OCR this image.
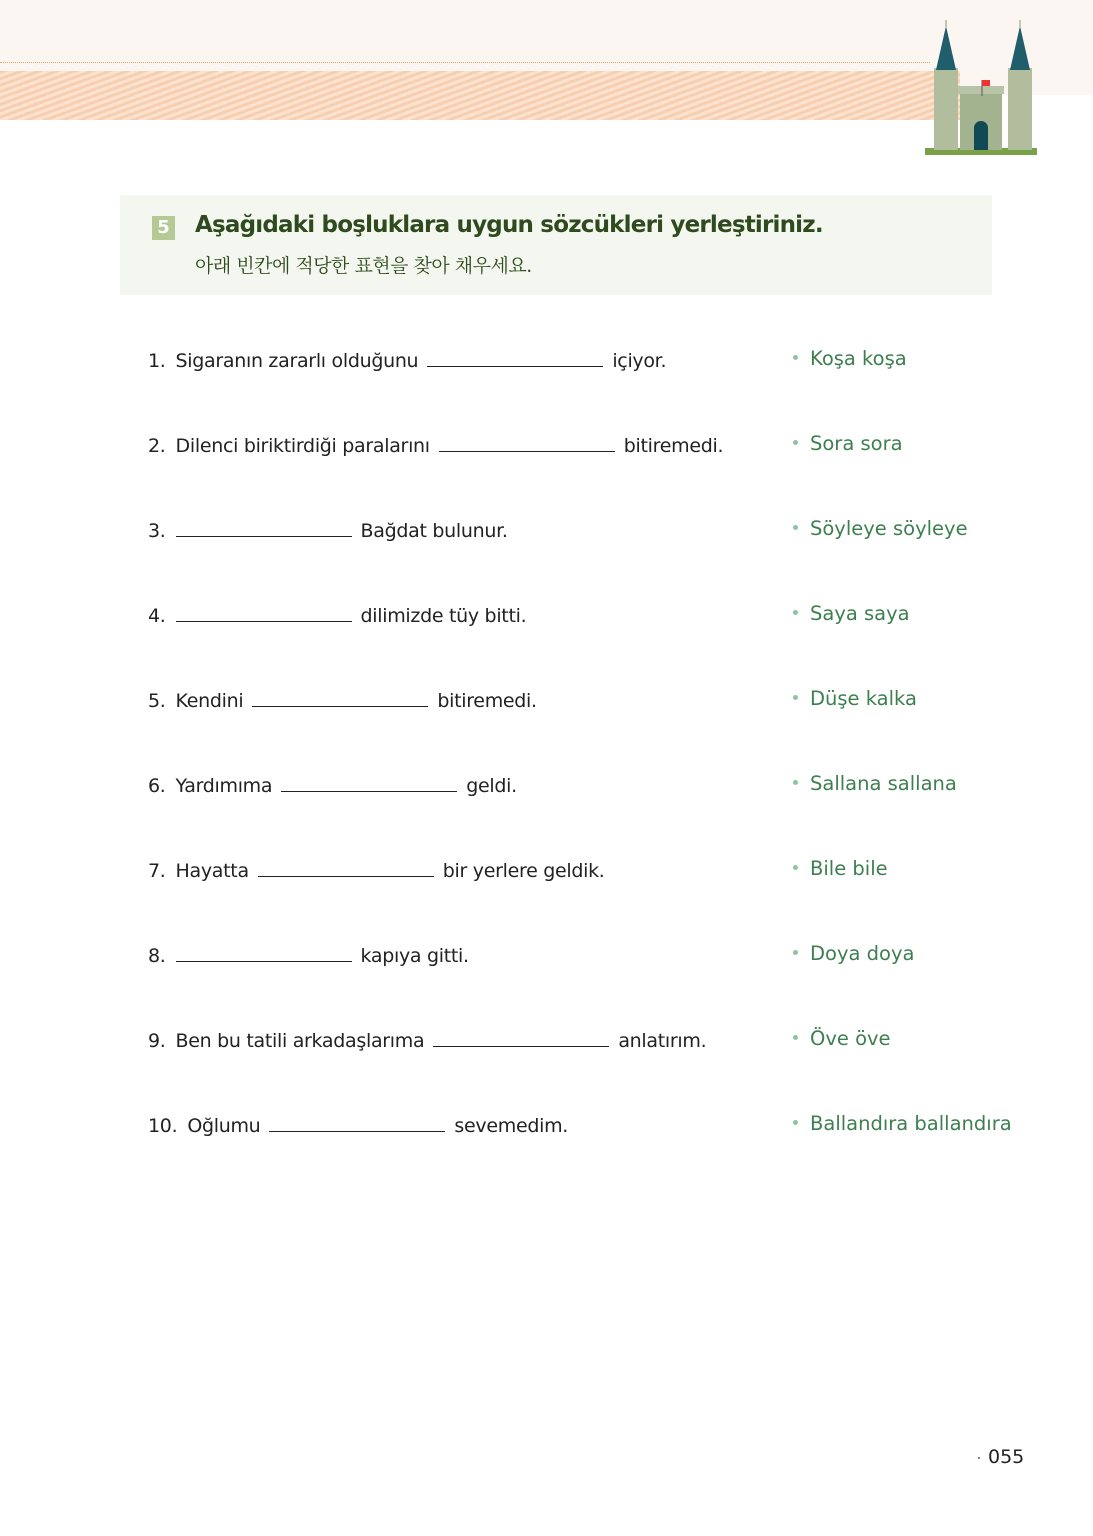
5 Aşağıdaki boşluklara uygun sözcükleri yerleştiriniz.
아래 빈칸에 적당한 표현을 찾아 채우세요.
1. Sigaranın zararlı olduğunu	içiyor.	Koşa koşa
2. Dilenci biriktirdiği paralarını	bitiremedi.	Sora sora
3.	Bağdat bulunur.	Söyleye söyleye
4.	dilimizde tüy bitti.	Saya saya
5. Kendini	bitiremedi.	Düşe kalka
6. Yardımıma	geldi.	Sallana sallana
7. Hayatta	bir yerlere geldik.	Bile bile
8.	kapıya gitti.	Doya doya
9. Ben bu tatili arkadaşlarıma	anlatırım.	Öve öve
10. Oğlumu	sevemedim.	Ballandıra ballandıra
055
